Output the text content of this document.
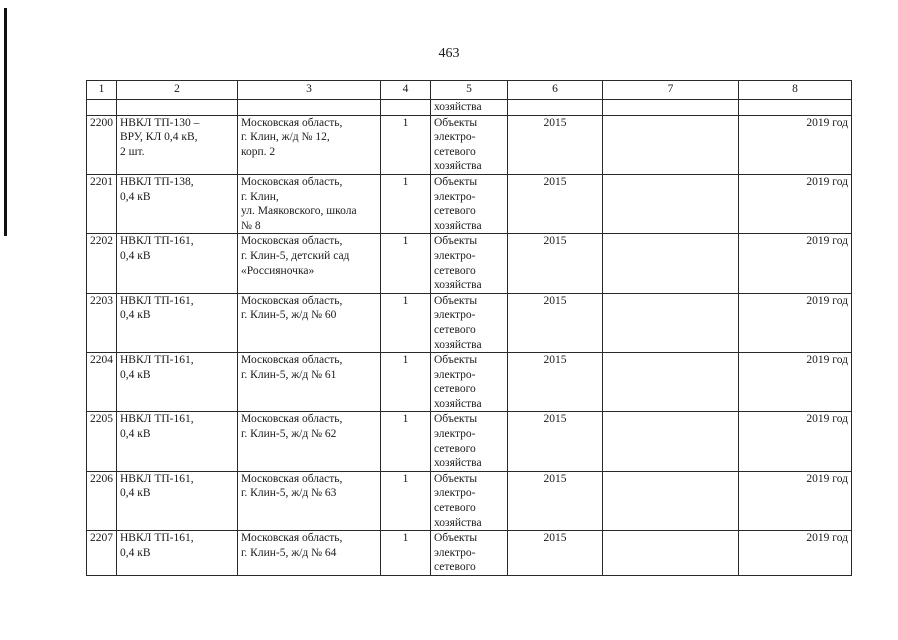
463
1	2	3	4	5	6	7	8
				хозяйства			
2200	НВКЛ ТП-130 –
ВРУ, КЛ 0,4 кВ,
2 шт.	Московская область,
г. Клин, ж/д № 12,
корп. 2	1	Объекты
электро-
сетевого
хозяйства	2015		2019 год
2201	НВКЛ ТП-138,
0,4 кВ	Московская область,
г. Клин,
ул. Маяковского, школа
№ 8	1	Объекты
электро-
сетевого
хозяйства	2015		2019 год
2202	НВКЛ ТП-161,
0,4 кВ	Московская область,
г. Клин-5, детский сад
«Россияночка»	1	Объекты
электро-
сетевого
хозяйства	2015		2019 год
2203	НВКЛ ТП-161,
0,4 кВ	Московская область,
г. Клин-5, ж/д № 60	1	Объекты
электро-
сетевого
хозяйства	2015		2019 год
2204	НВКЛ ТП-161,
0,4 кВ	Московская область,
г. Клин-5, ж/д № 61	1	Объекты
электро-
сетевого
хозяйства	2015		2019 год
2205	НВКЛ ТП-161,
0,4 кВ	Московская область,
г. Клин-5, ж/д № 62	1	Объекты
электро-
сетевого
хозяйства	2015		2019 год
2206	НВКЛ ТП-161,
0,4 кВ	Московская область,
г. Клин-5, ж/д № 63	1	Объекты
электро-
сетевого
хозяйства	2015		2019 год
2207	НВКЛ ТП-161,
0,4 кВ	Московская область,
г. Клин-5, ж/д № 64	1	Объекты
электро-
сетевого	2015		2019 год
